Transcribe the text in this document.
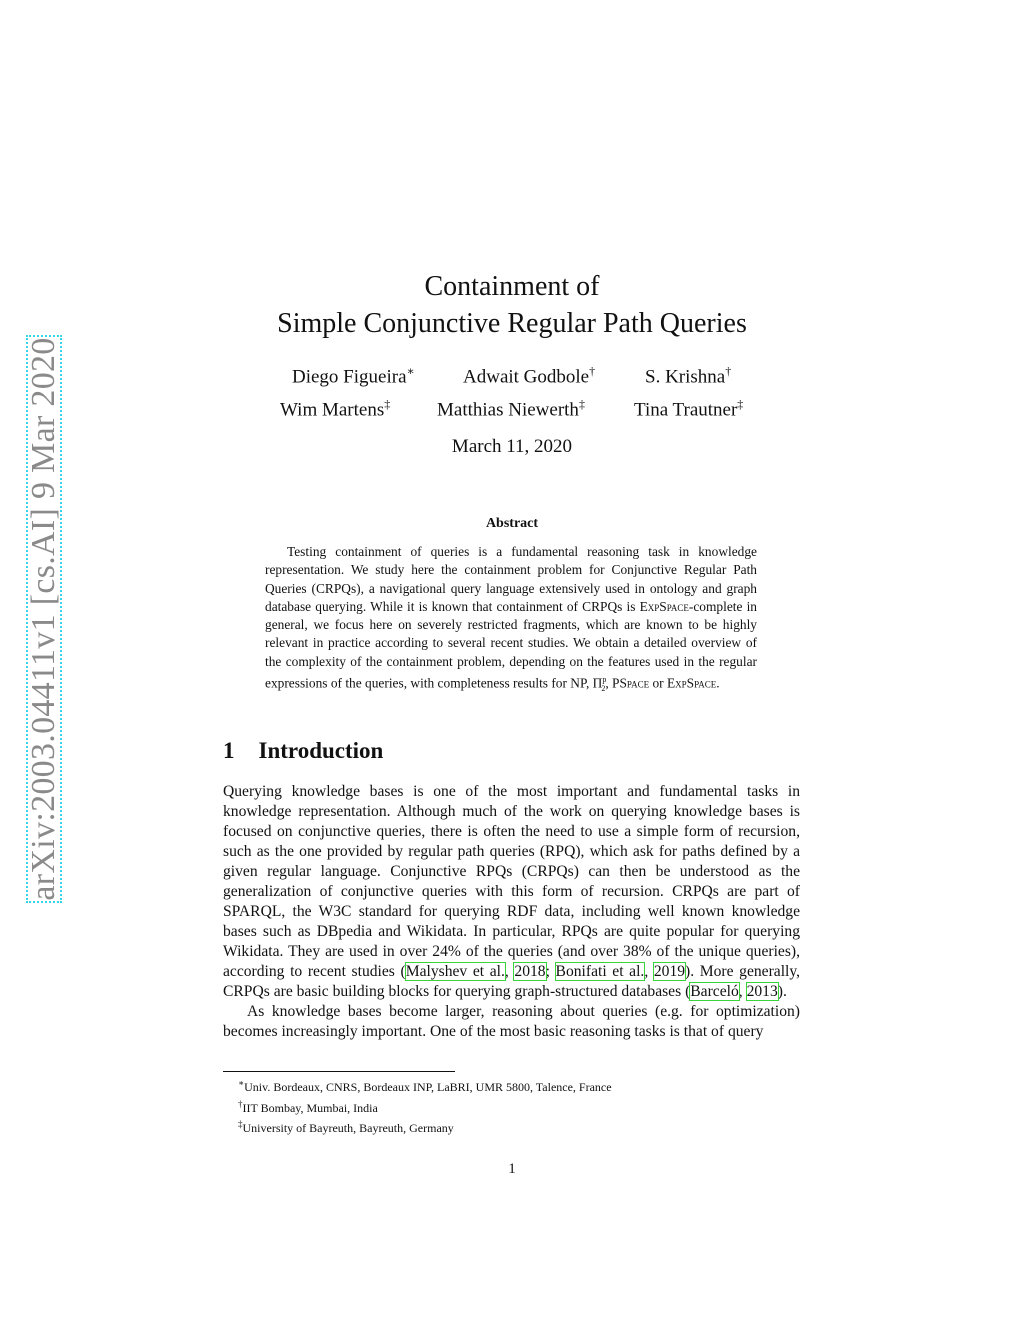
arXiv:2003.04411v1 [cs.AI] 9 Mar 2020
Containment of
Simple Conjunctive Regular Path Queries
Diego Figueira∗	Adwait Godbole†	S. Krishna†
Wim Martens‡ Matthias Niewerth‡	Tina Trautner‡
March 11, 2020
Abstract
Testing containment of queries is a fundamental reasoning task in knowledge representation. We study here the containment problem for Conjunctive Regular Path Queries (CRPQs), a navigational query language extensively used in ontology and graph database querying. While it is known that containment of CRPQs is ExpSpace-complete in general, we focus here on severely restricted fragments, which are known to be highly relevant in practice according to several recent studies. We obtain a detailed overview of the complexity of the containment problem, depending on the features used in the regular expressions of the queries, with completeness results for NP, $\Pi^p_2$, PSpace or ExpSpace.
1 Introduction

Querying knowledge bases is one of the most important and fundamental tasks in knowledge representation. Although much of the work on querying knowledge bases is focused on conjunctive queries, there is often the need to use a simple form of recursion, such as the one provided by regular path queries (RPQ), which ask for paths defined by a given regular language. Conjunctive RPQs (CRPQs) can then be understood as the generalization of conjunctive queries with this form of recursion. CRPQs are part of SPARQL, the W3C standard for querying RDF data, including well known knowledge bases such as DBpedia and Wikidata. In particular, RPQs are quite popular for querying Wikidata. They are used in over 24% of the queries (and over 38% of the unique queries), according to recent studies (Malyshev et al., 2018; Bonifati et al., 2019). More generally, CRPQs are basic building blocks for querying graph-structured databases (Barceló, 2013).

As knowledge bases become larger, reasoning about queries (e.g. for optimization) becomes increasingly important. One of the most basic reasoning tasks is that of query

∗Univ. Bordeaux, CNRS, Bordeaux INP, LaBRI, UMR 5800, Talence, France
†IIT Bombay, Mumbai, India
‡University of Bayreuth, Bayreuth, Germany
1
